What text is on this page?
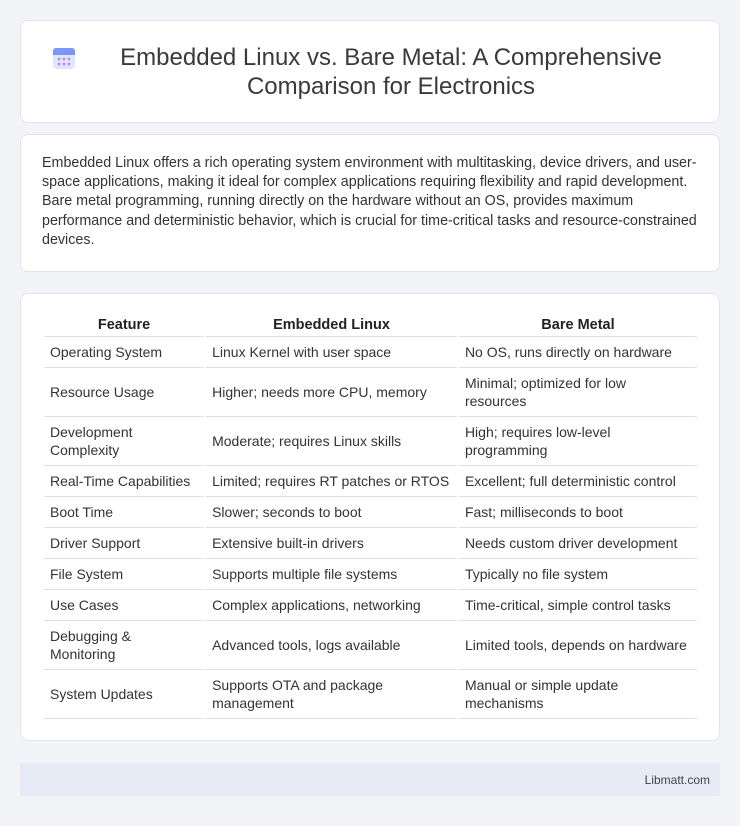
Embedded Linux vs. Bare Metal: A Comprehensive Comparison for Electronics

Embedded Linux offers a rich operating system environment with multitasking, device drivers, and user-space applications, making it ideal for complex applications requiring flexibility and rapid development. Bare metal programming, running directly on the hardware without an OS, provides maximum performance and deterministic behavior, which is crucial for time-critical tasks and resource-constrained devices.

Feature	Embedded Linux	Bare Metal
Operating System	Linux Kernel with user space	No OS, runs directly on hardware
Resource Usage	Higher; needs more CPU, memory	Minimal; optimized for low resources
Development Complexity	Moderate; requires Linux skills	High; requires low-level programming
Real-Time Capabilities	Limited; requires RT patches or RTOS	Excellent; full deterministic control
Boot Time	Slower; seconds to boot	Fast; milliseconds to boot
Driver Support	Extensive built-in drivers	Needs custom driver development
File System	Supports multiple file systems	Typically no file system
Use Cases	Complex applications, networking	Time-critical, simple control tasks
Debugging & Monitoring	Advanced tools, logs available	Limited tools, depends on hardware
System Updates	Supports OTA and package management	Manual or simple update mechanisms
Libmatt.com
